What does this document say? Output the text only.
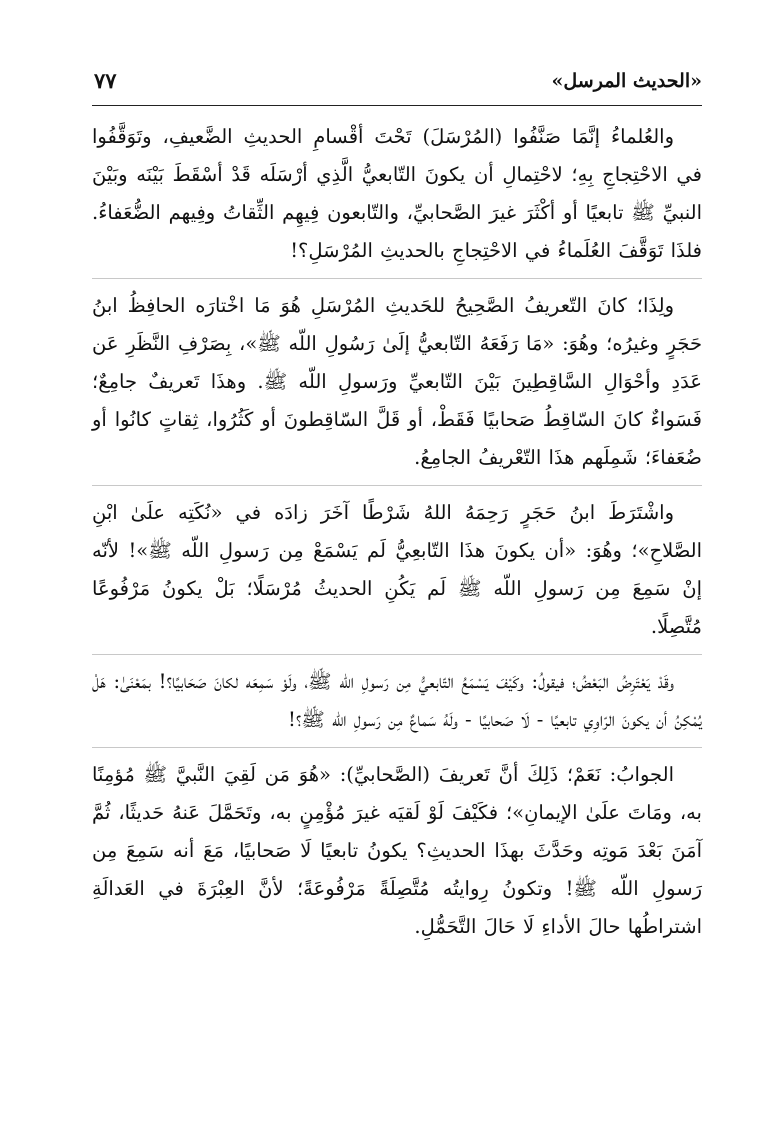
«الحديث المرسل»
٧٧

والعُلماءُ إنَّمَا صَنَّفُوا (المُرْسَلَ) تَحْتَ أقْسامِ الحديثِ الضَّعيفِ، وتَوَقَّفُوا في الاحْتِجاجِ بِهِ؛ لاحْتِمالِ أن يكونَ التّابعيُّ الَّذِي أرْسَلَه قَدْ أسْقَطَ بَيْنَه وبَيْنَ النبيِّ ﷺ تابعيًا أو أكْثَرَ غيرَ الصَّحابيِّ، والتّابعون فِيهِم الثِّقاتُ وفِيهم الضُّعَفاءُ. فلذَا تَوَقَّفَ العُلَماءُ في الاحْتِجاجِ بالحديثِ المُرْسَلِ؟!

ولِذَا؛ كانَ التّعريفُ الصَّحِيحُ للحَديثِ المُرْسَلِ هُوَ مَا اخْتارَه الحافِظُ ابنُ حَجَرٍ وغيرُه؛ وهُوَ: «مَا رَفَعَهُ التّابعيُّ إلَىٰ رَسُولِ اللّه ﷺ»، بِصَرْفِ النَّظَرِ عَن عَدَدِ وأحْوَالِ السَّاقِطِينَ بَيْنَ التّابعيِّ ورَسولِ اللّه ﷺ. وهذَا تَعريفٌ جامِعٌ؛ فَسَواءٌ كانَ السّاقِطُ صَحابيًا فَقَطْ، أو قَلَّ السّاقِطونَ أو كَثُرُوا، ثِقاتٍ كانُوا أو ضُعَفاءَ؛ شَمِلَهم هذَا التّعْريفُ الجامِعُ.

واشْتَرَطَ ابنُ حَجَرٍ رَحِمَهُ اللهُ شَرْطًا آخَرَ زادَه في «نُكَتِه علَىٰ ابْنِ الصَّلاحِ»؛ وهُوَ: «أن يكونَ هذَا التّابعِيُّ لَم يَسْمَعْ مِن رَسولِ اللّه ﷺ»! لأنّه إنْ سَمِعَ مِن رَسولِ اللّه ﷺ لَم يَكُنِ الحديثُ مُرْسَلًا؛ بَلْ يكونُ مَرْفُوعًا مُتَّصِلًا.

وقَدْ يَعْتَرِضُ البَعْضُ؛ فيقولُ: وكَيْفَ يَسْمَعُ التّابعيُّ مِن رَسولِ اللّه ﷺ، ولَوْ سَمِعَه لكانَ صَحَابيًا؟! بمَعْنَىٰ: هَلْ يُمْكِنُ أن يكونَ الرّاوِي تابعيًا - لَا صَحابيًا - ولَهُ سَماعٌ مِن رَسولِ اللّه ﷺ؟!

الجوابُ: نَعَمْ؛ ذَلِكَ أنَّ تَعريفَ (الصَّحابيِّ): «هُوَ مَن لَقِيَ النَّبيَّ ﷺ مُؤمِنًا به، ومَاتَ علَىٰ الإيمانِ»؛ فكَيْفَ لَوْ لَقيَه غيرَ مُؤْمِنٍ به، وتَحَمَّلَ عَنهُ حَديثًا، ثُمَّ آمَنَ بَعْدَ مَوتِه وحَدَّثَ بهذَا الحديثِ؟ يكونُ تابعيًا لَا صَحابيًا، مَعَ أنه سَمِعَ مِن رَسولِ اللّه ﷺ! وتكونُ رِوايتُه مُتَّصِلَةً مَرْفُوعَةً؛ لأنَّ العِبْرَةَ في العَدالَةِ اشتراطُها حالَ الأداءِ لَا حَالَ التَّحَمُّلِ.
